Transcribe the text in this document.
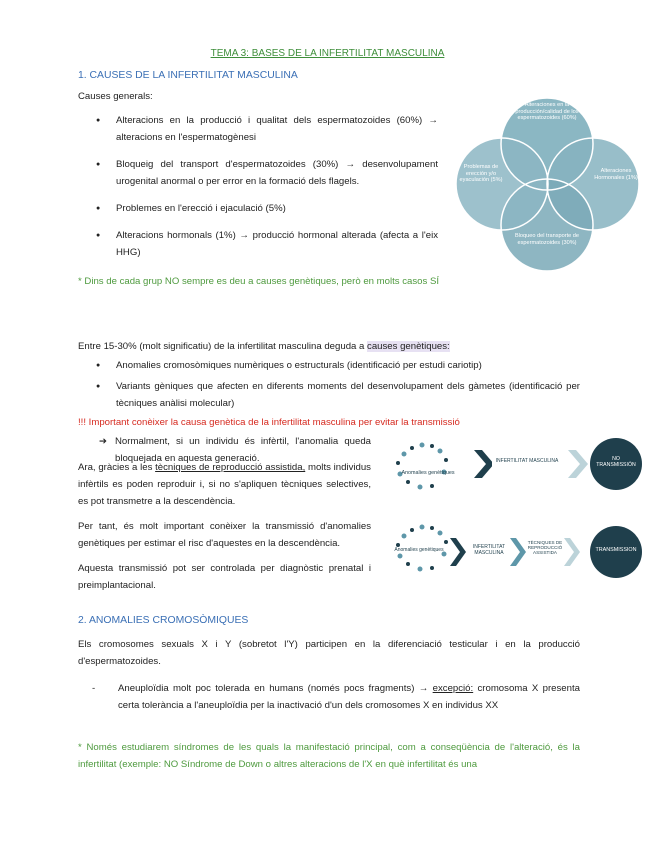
TEMA 3: BASES DE LA INFERTILITAT MASCULINA
1. CAUSES DE LA INFERTILITAT MASCULINA
Causes generals:
● Alteracions en la producció i qualitat dels espermatozoides (60%) → alteracions en l'espermatogènesi
● Bloqueig del transport d'espermatozoides (30%) → desenvolupament urogenital anormal o per error en la formació dels flagels.
● Problemes en l'erecció i ejaculació (5%)
● Alteracions hormonals (1%) → producció hormonal alterada (afecta a l'eix HHG)
* Dins de cada grup NO sempre es deu a causes genètiques, però en molts casos SÍ
Alteraciones en la producción/calidad de los espermatozoides (60%)
Alteraciones Hormonales (1%)
Bloqueo del transporte de espermatozoides (30%)
Problemas de erección y/o eyaculación (5%)
Entre 15-30% (molt significatiu) de la infertilitat masculina deguda a causes genètiques:
● Anomalies cromosòmiques numèriques o estructurals (identificació per estudi cariotip)
● Variants gèniques que afecten en diferents moments del desenvolupament dels gàmetes (identificació per tècniques anàlisi molecular)
!!! Important conèixer la causa genètica de la infertilitat masculina per evitar la transmissió
➔ Normalment, si un individu és infèrtil, l'anomalia queda bloquejada en aquesta generació.
Ara, gràcies a les tècniques de reproducció assistida, molts individus infèrtils es poden reproduir i, si no s'apliquen tècniques selectives, es pot transmetre a la descendència.
Per tant, és molt important conèixer la transmissió d'anomalies genètiques per estimar el risc d'aquestes en la descendència.
Aquesta transmissió pot ser controlada per diagnòstic prenatal i preimplantacional.
Anomalies genètiques
INFERTILITAT MASCULINA	NO TRANSMISSIÓN
Anomalies genètiques	INFERTILITAT MASCULINA
TÈCNIQUES DE REPRODUCCIÓ ASSISTIDA	TRANSMISSIÓN
2. ANOMALIES CROMOSÒMIQUES
Els cromosomes sexuals X i Y (sobretot l'Y) participen en la diferenciació testicular i en la producció d'espermatozoides.
-	Aneuploïdia molt poc tolerada en humans (només pocs fragments) → excepció: cromosoma X presenta certa tolerància a l'aneuploïdia per la inactivació d'un dels cromosomes X en individus XX
* Només estudiarem síndromes de les quals la manifestació principal, com a conseqüència de l'alteració, és la infertilitat (exemple: NO Síndrome de Down o altres alteracions de l'X en què infertilitat és una
